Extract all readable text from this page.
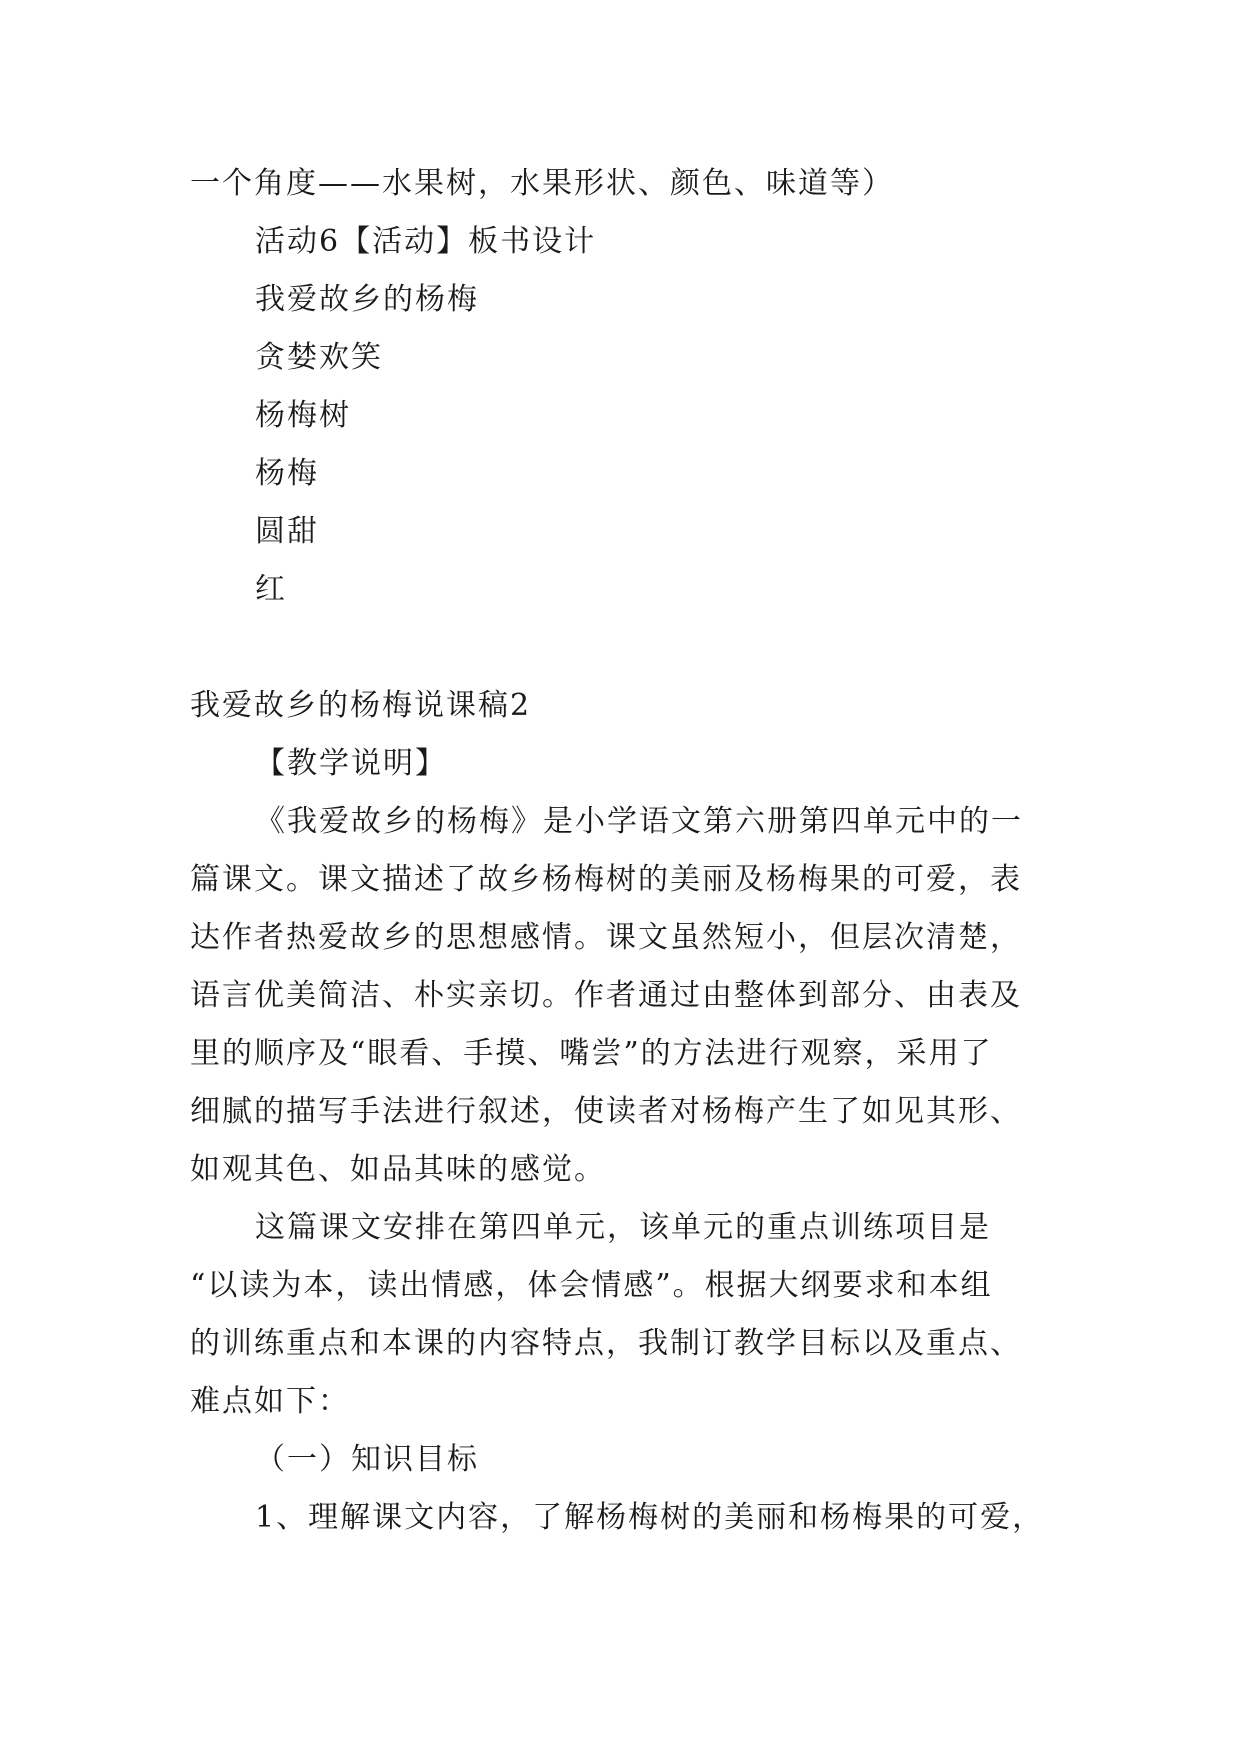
一个角度——水果树，水果形状、颜色、味道等）
活动6【活动】板书设计
我爱故乡的杨梅
贪婪欢笑
杨梅树
杨梅
圆甜
红
我爱故乡的杨梅说课稿2
【教学说明】
《我爱故乡的杨梅》是小学语文第六册第四单元中的一
篇课文。课文描述了故乡杨梅树的美丽及杨梅果的可爱，表
达作者热爱故乡的思想感情。课文虽然短小，但层次清楚，
语言优美简洁、朴实亲切。作者通过由整体到部分、由表及
里的顺序及“眼看、手摸、嘴尝”的方法进行观察，采用了
细腻的描写手法进行叙述，使读者对杨梅产生了如见其形、
如观其色、如品其味的感觉。
这篇课文安排在第四单元，该单元的重点训练项目是
“以读为本，读出情感，体会情感”。根据大纲要求和本组
的训练重点和本课的内容特点，我制订教学目标以及重点、
难点如下：
（一）知识目标
1、理解课文内容，了解杨梅树的美丽和杨梅果的可爱，
